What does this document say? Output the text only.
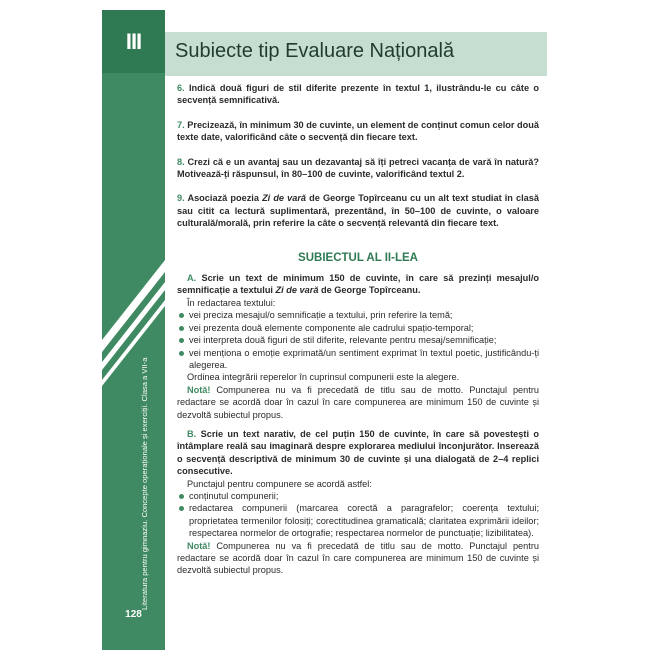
III
Literatura pentru gimnaziu. Concepte operaționale și exerciții. Clasa a VII-a
128
Subiecte tip Evaluare Națională

6. Indică două figuri de stil diferite prezente în textul 1, ilustrându-le cu câte o secvență semnificativă.

7. Precizează, în minimum 30 de cuvinte, un element de conținut comun celor două texte date, valorificând câte o secvență din fiecare text.

8. Crezi că e un avantaj sau un dezavantaj să îți petreci vacanța de vară în natură? Motivează-ți răspunsul, în 80–100 de cuvinte, valorificând textul 2.

9. Asociază poezia Zi de vară de George Topîrceanu cu un alt text studiat în clasă sau citit ca lectură suplimentară, prezentând, în 50–100 de cuvinte, o valoare culturală/morală, prin referire la câte o secvență relevantă din fiecare text.

SUBIECTUL AL II-LEA

A. Scrie un text de minimum 150 de cuvinte, în care să prezinți mesajul/o semnificație a textului Zi de vară de George Topîrceanu.

În redactarea textului:

vei preciza mesajul/o semnificație a textului, prin referire la temă;

vei prezenta două elemente componente ale cadrului spațio-temporal;

vei interpreta două figuri de stil diferite, relevante pentru mesaj/semnificație;

vei menționa o emoție exprimată/un sentiment exprimat în textul poetic, justificându-ți alegerea.

Ordinea integrării reperelor în cuprinsul compunerii este la alegere.

Notă! Compunerea nu va fi precedată de titlu sau de motto. Punctajul pentru redactare se acordă doar în cazul în care compunerea are minimum 150 de cuvinte și dezvoltă subiectul propus.

B. Scrie un text narativ, de cel puțin 150 de cuvinte, în care să povestești o întâmplare reală sau imaginară despre explorarea mediului înconjurător. Inserează o secvență descriptivă de minimum 30 de cuvinte și una dialogată de 2–4 replici consecutive.

Punctajul pentru compunere se acordă astfel:

conținutul compunerii;

redactarea compunerii (marcarea corectă a paragrafelor; coerența textului; proprietatea termenilor folosiți; corectitudinea gramaticală; claritatea exprimării ideilor; respectarea normelor de ortografie; respectarea normelor de punctuație; lizibilitatea).

Notă! Compunerea nu va fi precedată de titlu sau de motto. Punctajul pentru redactare se acordă doar în cazul în care compunerea are minimum 150 de cuvinte și dezvoltă subiectul propus.
